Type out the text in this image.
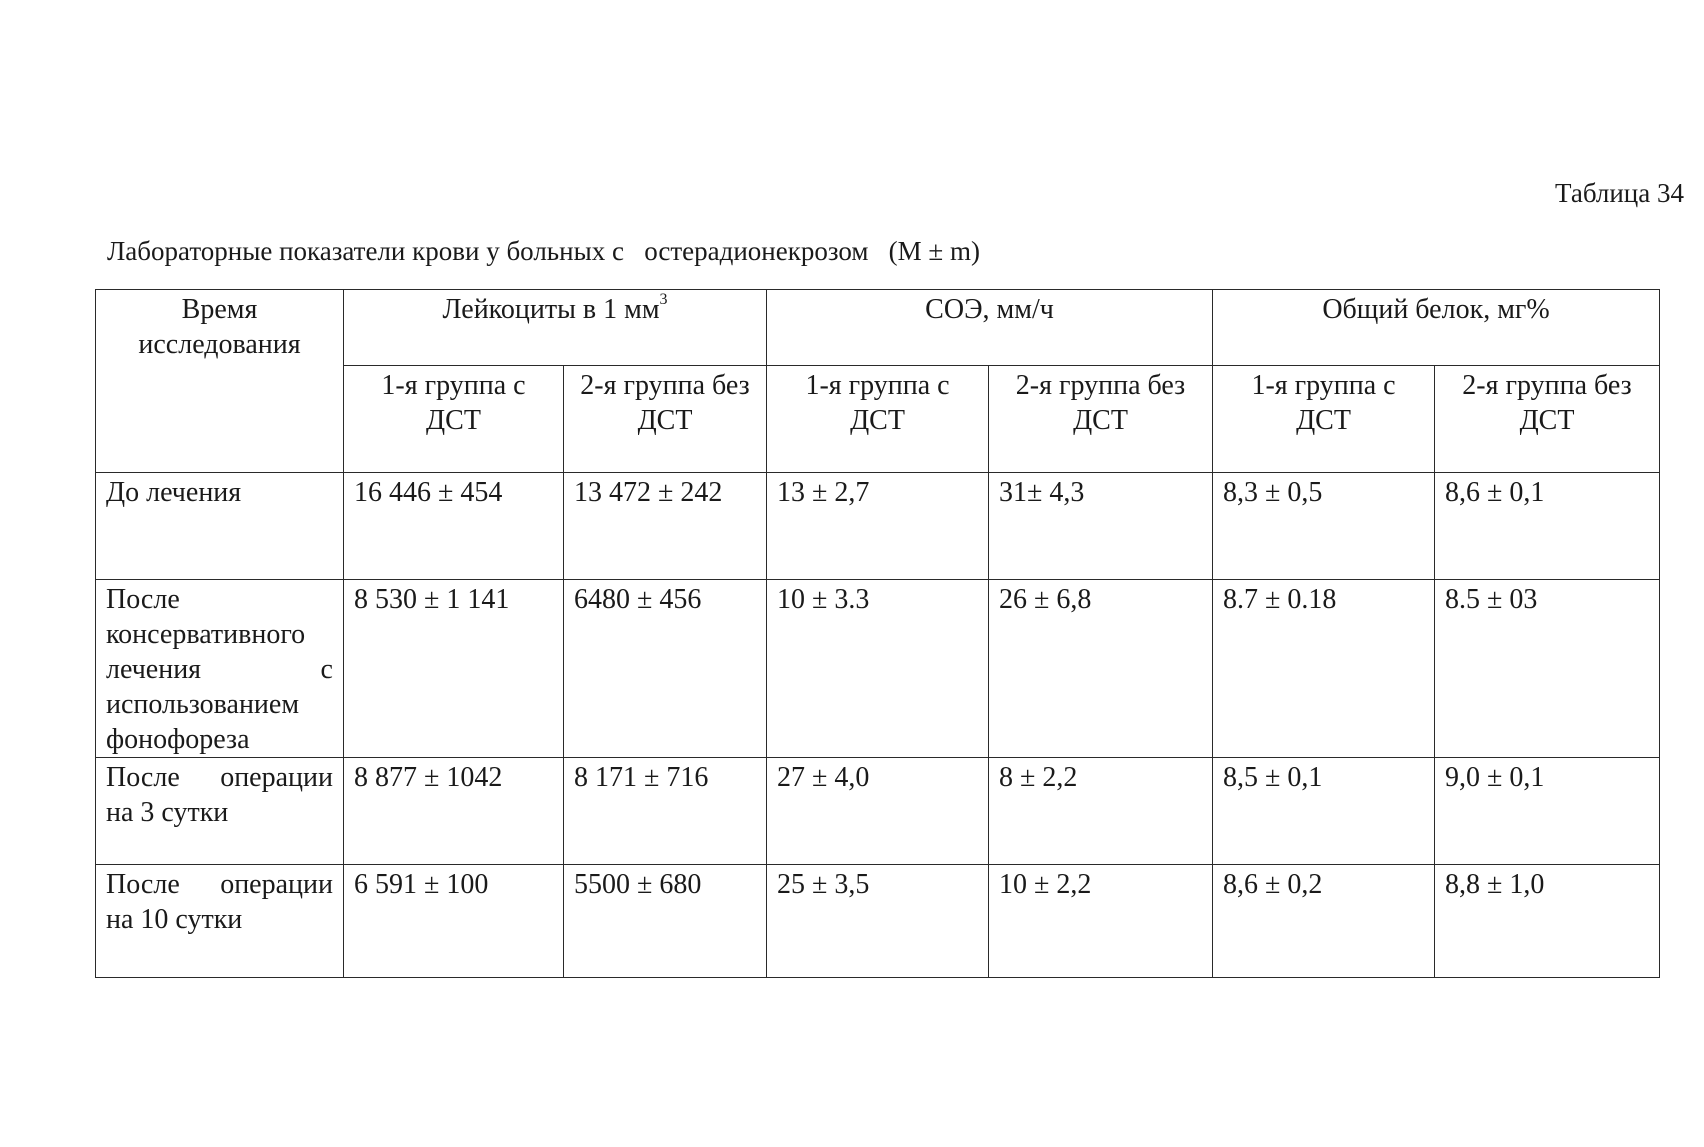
Таблица 34
Лабораторные показатели крови у больных с   остерадионекрозом   (M ± m)
Время исследования	Лейкоциты в 1 $мм^3$		СОЭ, мм/ч		Общий белок, мг%	
	1-я группа с ДСТ	2-я группа без ДСТ	1-я группа с ДСТ	2-я группа без ДСТ	1-я группа с ДСТ	2-я группа без ДСТ
До лечения	16 446 ± 454	13 472 ± 242	13 ± 2,7	31± 4,3	8,3 ± 0,5	8,6 ± 0,1
После консервативного лечения с использованием фонофореза	8 530 ± 1 141	6480 ± 456	10 ± 3.3	26 ± 6,8	8.7 ± 0.18	8.5 ± 03
После операции на 3 сутки	8 877 ± 1042	8 171 ± 716	27 ± 4,0	8 ± 2,2	8,5 ± 0,1	9,0 ± 0,1
После операции на 10 сутки	6 591 ± 100	5500 ± 680	25 ± 3,5	10 ± 2,2	8,6 ± 0,2	8,8 ± 1,0
